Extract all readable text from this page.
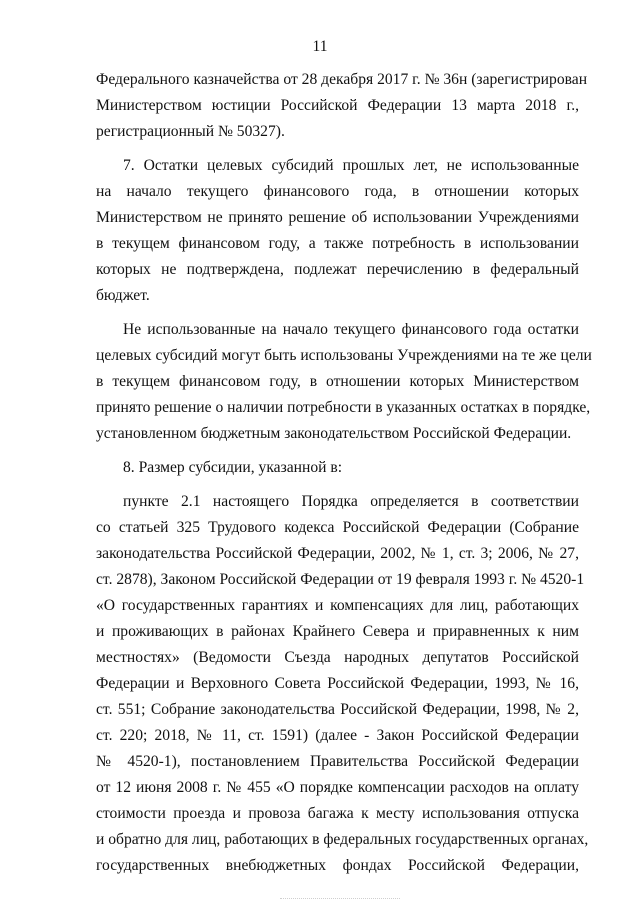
11
Федерального казначейства от 28 декабря 2017 г. № 36н (зарегистрирован
Министерством юстиции Российской Федерации 13 марта 2018 г.,
регистрационный № 50327).
7. Остатки целевых субсидий прошлых лет, не использованные
на начало текущего финансового года, в отношении которых
Министерством не принято решение об использовании Учреждениями
в текущем финансовом году, а также потребность в использовании
которых не подтверждена, подлежат перечислению в федеральный
бюджет.
Не использованные на начало текущего финансового года остатки
целевых субсидий могут быть использованы Учреждениями на те же цели
в текущем финансовом году, в отношении которых Министерством
принято решение о наличии потребности в указанных остатках в порядке,
установленном бюджетным законодательством Российской Федерации.
8. Размер субсидии, указанной в:
пункте 2.1 настоящего Порядка определяется в соответствии
со статьей 325 Трудового кодекса Российской Федерации (Собрание
законодательства Российской Федерации, 2002, № 1, ст. 3; 2006, № 27,
ст. 2878), Законом Российской Федерации от 19 февраля 1993 г. № 4520-1
«О государственных гарантиях и компенсациях для лиц, работающих
и проживающих в районах Крайнего Севера и приравненных к ним
местностях» (Ведомости Съезда народных депутатов Российской
Федерации и Верховного Совета Российской Федерации, 1993, № 16,
ст. 551; Собрание законодательства Российской Федерации, 1998, № 2,
ст. 220; 2018, № 11, ст. 1591) (далее - Закон Российской Федерации
№ 4520-1), постановлением Правительства Российской Федерации
от 12 июня 2008 г. № 455 «О порядке компенсации расходов на оплату
стоимости проезда и провоза багажа к месту использования отпуска
и обратно для лиц, работающих в федеральных государственных органах,
государственных внебюджетных фондах Российской Федерации,
